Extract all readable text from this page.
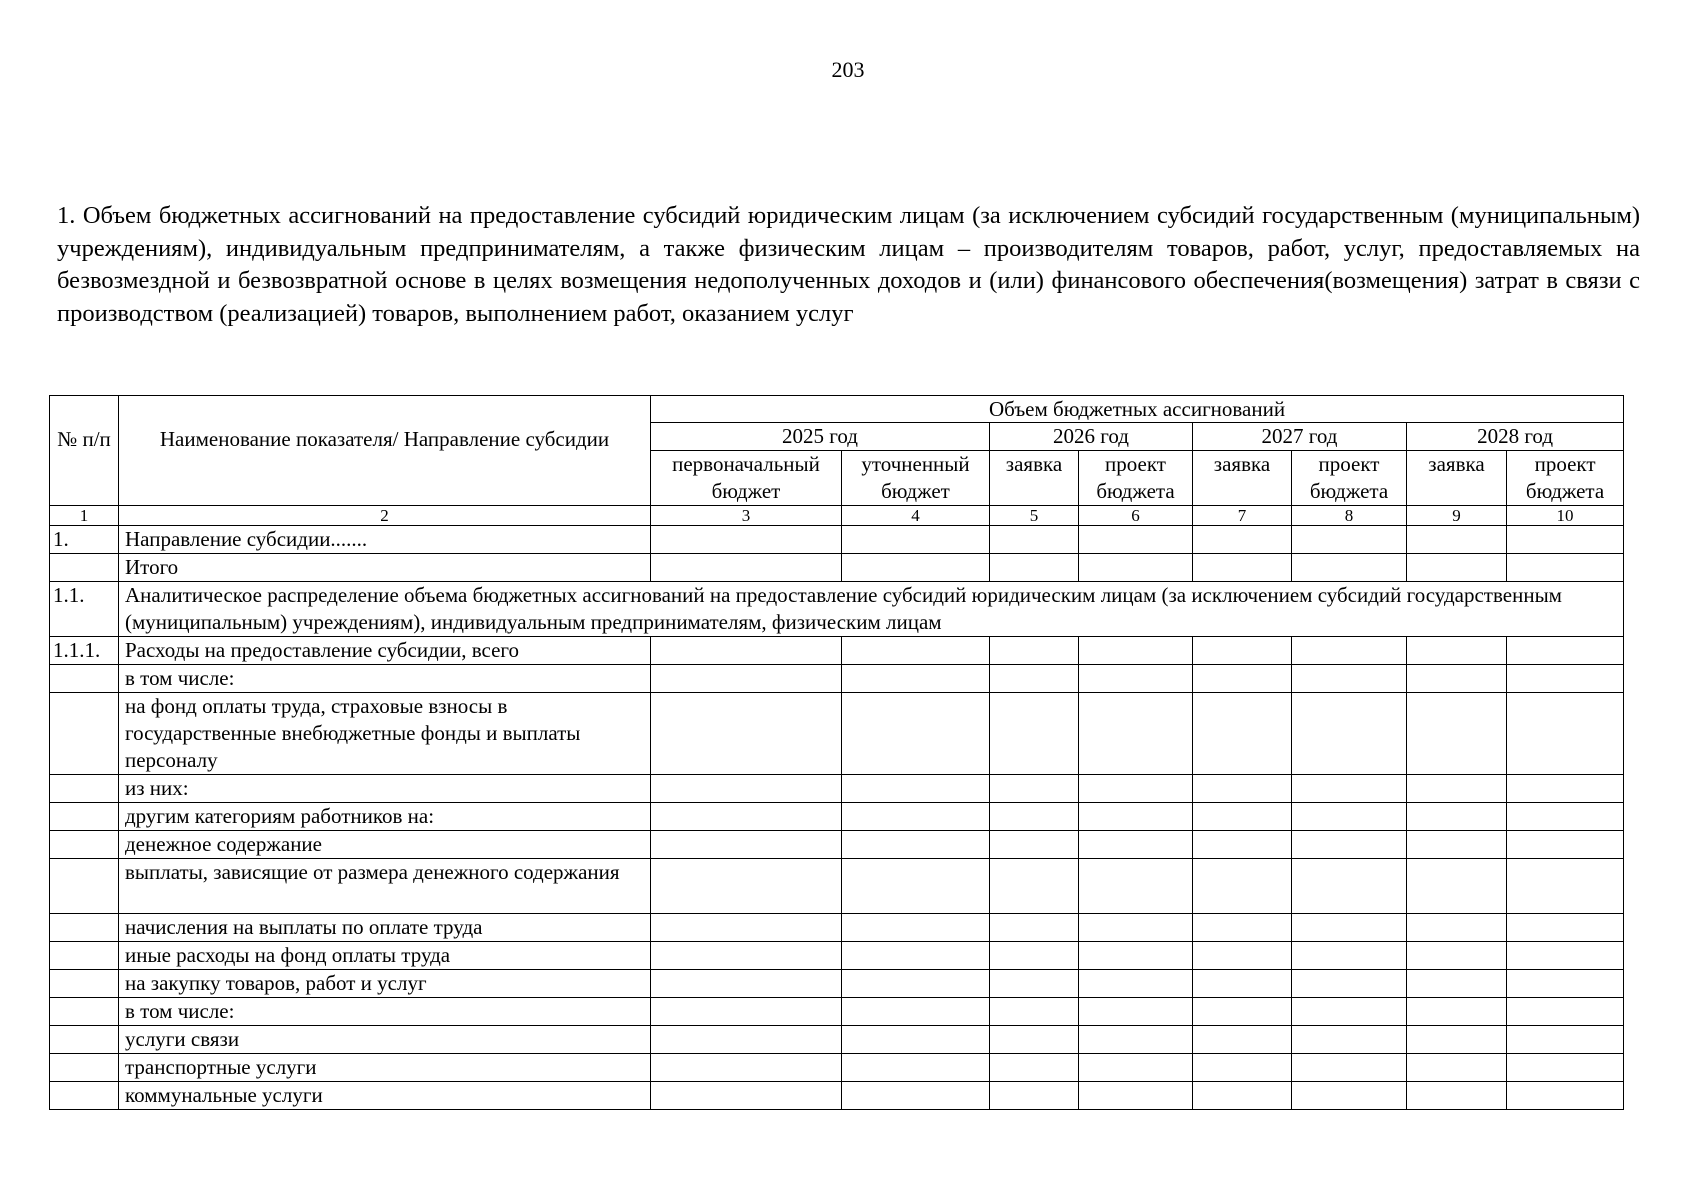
203

1. Объем бюджетных ассигнований на предоставление субсидий юридическим лицам (за исключением субсидий государственным (муниципальным) учреждениям), индивидуальным предпринимателям, а также физическим лицам – производителям товаров, работ, услуг, предоставляемых на безвозмездной и безвозвратной основе в целях возмещения недополученных доходов и (или) финансового обеспечения(возмещения) затрат в связи с производством (реализацией) товаров, выполнением работ, оказанием услуг

№ п/п	Наименование показателя/ Направление субсидии	Объем бюджетных ассигнований							
		2025 год		2026 год		2027 год		2028 год	
		первоначальный бюджет	уточненный бюджет	заявка	проект бюджета	заявка	проект бюджета	заявка	проект бюджета
1	2	3	4	5	6	7	8	9	10
1.	Направление субсидии.......								
	Итого								
1.1.	Аналитическое распределение объема бюджетных ассигнований на предоставление субсидий юридическим лицам (за исключением субсидий государственным (муниципальным) учреждениям), индивидуальным предпринимателям, физическим лицам								
1.1.1.	Расходы на предоставление субсидии, всего								
	в том числе:								
	на фонд оплаты труда, страховые взносы в государственные внебюджетные фонды и выплаты персоналу								
	из них:								
	другим категориям работников на:								
	денежное содержание								
	выплаты, зависящие от размера денежного содержания								
	начисления на выплаты по оплате труда								
	иные расходы на фонд оплаты труда								
	на закупку товаров, работ и услуг								
	в том числе:								
	услуги связи								
	транспортные услуги								
	коммунальные услуги								
